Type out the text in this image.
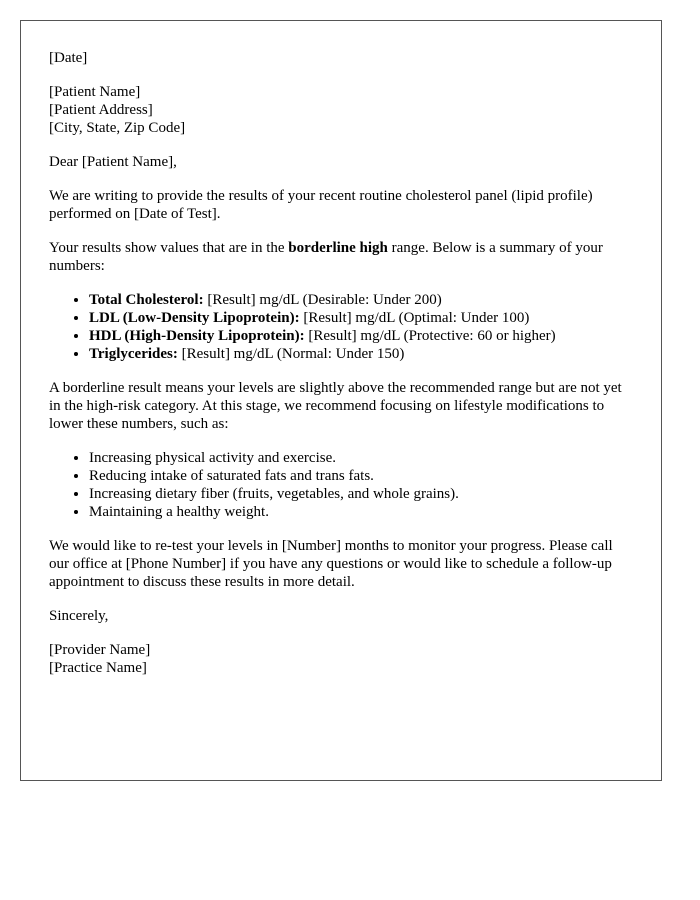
[Date]
[Patient Name]
[Patient Address]
[City, State, Zip Code]

Dear [Patient Name],

We are writing to provide the results of your recent routine cholesterol panel (lipid profile) performed on [Date of Test].

Your results show values that are in the borderline high range. Below is a summary of your numbers:

• Total Cholesterol: [Result] mg/dL (Desirable: Under 200)
• LDL (Low-Density Lipoprotein): [Result] mg/dL (Optimal: Under 100)
• HDL (High-Density Lipoprotein): [Result] mg/dL (Protective: 60 or higher)
• Triglycerides: [Result] mg/dL (Normal: Under 150)

A borderline result means your levels are slightly above the recommended range but are not yet in the high-risk category. At this stage, we recommend focusing on lifestyle modifications to lower these numbers, such as:

• Increasing physical activity and exercise.
• Reducing intake of saturated fats and trans fats.
• Increasing dietary fiber (fruits, vegetables, and whole grains).
• Maintaining a healthy weight.

We would like to re-test your levels in [Number] months to monitor your progress. Please call our office at [Phone Number] if you have any questions or would like to schedule a follow-up appointment to discuss these results in more detail.

Sincerely,

[Provider Name]
[Practice Name]
